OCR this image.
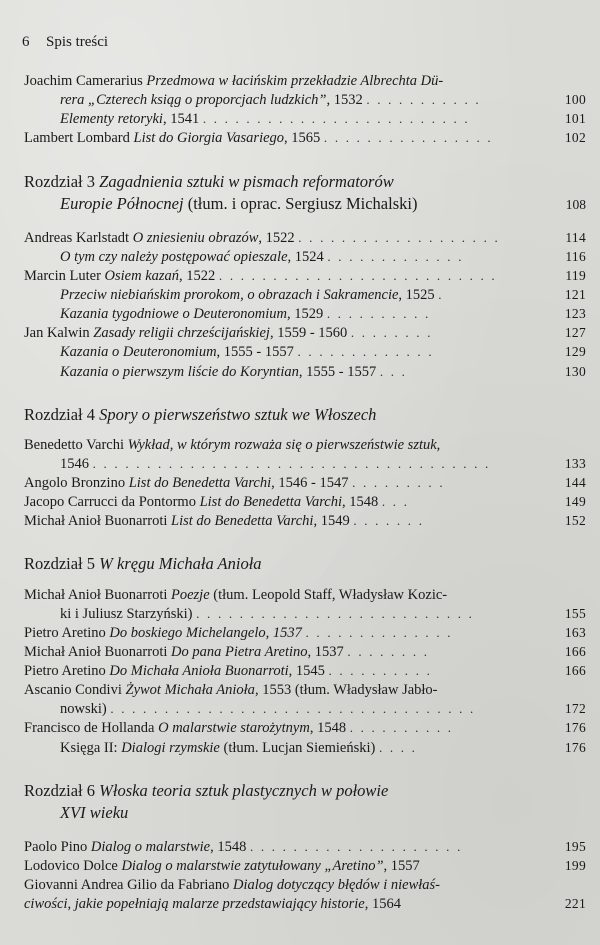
6 Spis treści
Joachim Camerarius Przedmowa w łacińskim przekładzie Albrechta Dü-
rera „Czterech ksiąg o proporcjach ludzkich”, 1532 . . . . . . . . . . .	100
Elementy retoryki, 1541 . . . . . . . . . . . . . . . . . . . . . . . . .	101
Lambert Lombard List do Giorgia Vasariego, 1565 . . . . . . . . . . . . . . . .	102
Rozdział 3 Zagadnienia sztuki w pismach reformatorów
Europie Północnej (tłum. i oprac. Sergiusz Michalski)	108
Andreas Karlstadt O zniesieniu obrazów, 1522 . . . . . . . . . . . . . . . . . . .	114
O tym czy należy postępować opieszale, 1524 . . . . . . . . . . . . .	116
Marcin Luter Osiem kazań, 1522 . . . . . . . . . . . . . . . . . . . . . . . . . .	119
Przeciw niebiańskim prorokom, o obrazach i Sakramencie, 1525 .	121
Kazania tygodniowe o Deuteronomium, 1529 . . . . . . . . . .	123
Jan Kalwin Zasady religii chrześcijańskiej, 1559 - 1560 . . . . . . . .	127
Kazania o Deuteronomium, 1555 - 1557 . . . . . . . . . . . . .	129
Kazania o pierwszym liście do Koryntian, 1555 - 1557 . . .	130
Rozdział 4 Spory o pierwszeństwo sztuk we Włoszech
Benedetto Varchi Wykład, w którym rozważa się o pierwszeństwie sztuk,
1546 . . . . . . . . . . . . . . . . . . . . . . . . . . . . . . . . . . . . .	133
Angolo Bronzino List do Benedetta Varchi, 1546 - 1547 . . . . . . . . .	144
Jacopo Carrucci da Pontormo List do Benedetta Varchi, 1548 . . .	149
Michał Anioł Buonarroti List do Benedetta Varchi, 1549 . . . . . . .	152
Rozdział 5 W kręgu Michała Anioła
Michał Anioł Buonarroti Poezje (tłum. Leopold Staff, Władysław Kozic-
ki i Juliusz Starzyński) . . . . . . . . . . . . . . . . . . . . . . . . . .	155
Pietro Aretino Do boskiego Michelangelo, 1537 . . . . . . . . . . . . . .	163
Michał Anioł Buonarroti Do pana Pietra Aretino, 1537 . . . . . . . .	166
Pietro Aretino Do Michała Anioła Buonarroti, 1545 . . . . . . . . . .	166
Ascanio Condivi Żywot Michała Anioła, 1553 (tłum. Władysław Jabło-
nowski) . . . . . . . . . . . . . . . . . . . . . . . . . . . . . . . . . .	172
Francisco de Hollanda O malarstwie starożytnym, 1548 . . . . . . . . . .	176
Księga II: Dialogi rzymskie (tłum. Lucjan Siemieński) . . . .	176
Rozdział 6 Włoska teoria sztuk plastycznych w połowie
XVI wieku
Paolo Pino Dialog o malarstwie, 1548 . . . . . . . . . . . . . . . . . . . .	195
Lodovico Dolce Dialog o malarstwie zatytułowany „Aretino”, 1557	199
Giovanni Andrea Gilio da Fabriano Dialog dotyczący błędów i niewłaś-
ciwości, jakie popełniają malarze przedstawiający historie, 1564	221
